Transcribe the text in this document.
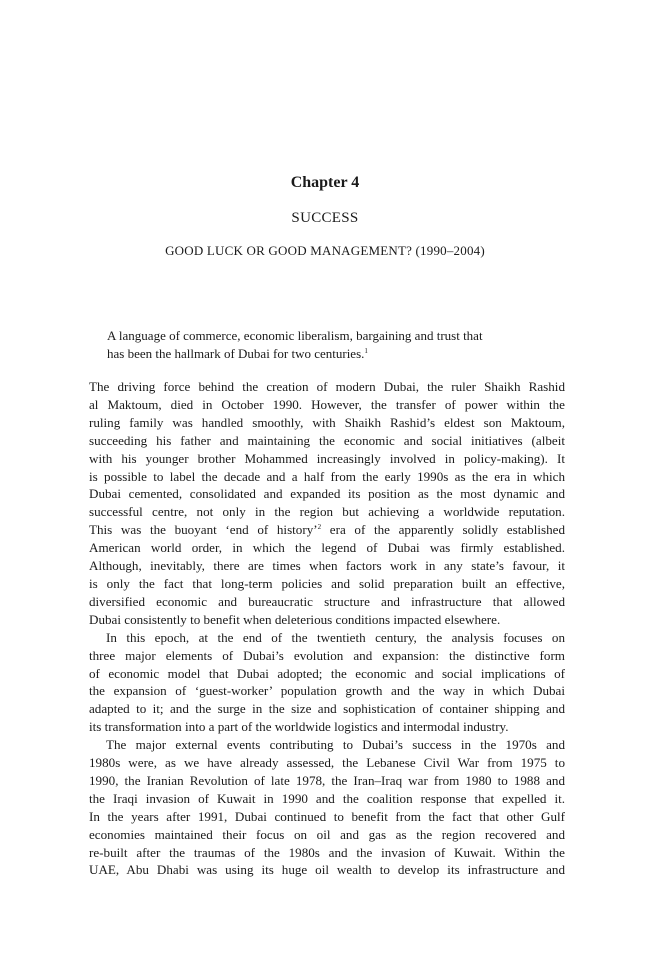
Chapter 4
SUCCESS
GOOD LUCK OR GOOD MANAGEMENT? (1990–2004)
A language of commerce, economic liberalism, bargaining and trust that
has been the hallmark of Dubai for two centuries.$^1$
The driving force behind the creation of modern Dubai, the ruler Shaikh Rashid
al Maktoum, died in October 1990. However, the transfer of power within the
ruling family was handled smoothly, with Shaikh Rashid’s eldest son Maktoum,
succeeding his father and maintaining the economic and social initiatives (albeit
with his younger brother Mohammed increasingly involved in policy-making). It
is possible to label the decade and a half from the early 1990s as the era in which
Dubai cemented, consolidated and expanded its position as the most dynamic and
successful centre, not only in the region but achieving a worldwide reputation.
This was the buoyant ‘end of history’$^2$ era of the apparently solidly established
American world order, in which the legend of Dubai was firmly established.
Although, inevitably, there are times when factors work in any state’s favour, it
is only the fact that long-term policies and solid preparation built an effective,
diversified economic and bureaucratic structure and infrastructure that allowed
Dubai consistently to benefit when deleterious conditions impacted elsewhere.
In this epoch, at the end of the twentieth century, the analysis focuses on
three major elements of Dubai’s evolution and expansion: the distinctive form
of economic model that Dubai adopted; the economic and social implications of
the expansion of ‘guest-worker’ population growth and the way in which Dubai
adapted to it; and the surge in the size and sophistication of container shipping and
its transformation into a part of the worldwide logistics and intermodal industry.
The major external events contributing to Dubai’s success in the 1970s and
1980s were, as we have already assessed, the Lebanese Civil War from 1975 to
1990, the Iranian Revolution of late 1978, the Iran–Iraq war from 1980 to 1988 and
the Iraqi invasion of Kuwait in 1990 and the coalition response that expelled it.
In the years after 1991, Dubai continued to benefit from the fact that other Gulf
economies maintained their focus on oil and gas as the region recovered and
re-built after the traumas of the 1980s and the invasion of Kuwait. Within the
UAE, Abu Dhabi was using its huge oil wealth to develop its infrastructure and
